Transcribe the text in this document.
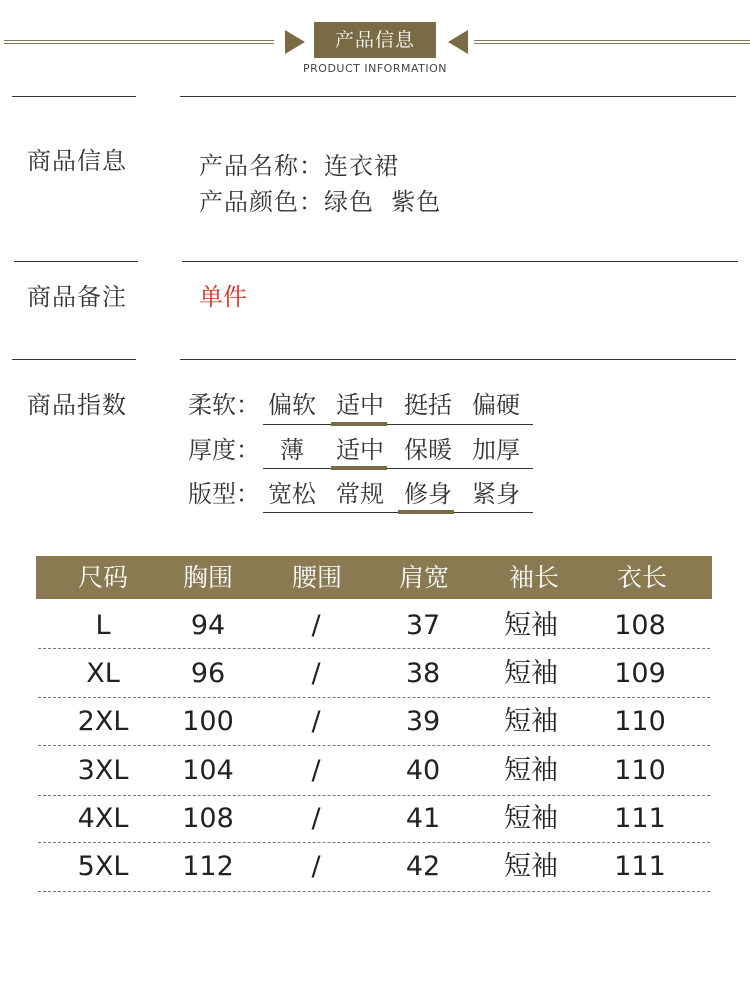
产品信息
PRODUCT INFORMATION
商品信息	产品名称：连衣裙
产品颜色：绿色  紫色
商品备注	单件
商品指数	柔软： 偏软 适中 挺括 偏硬
厚度： 薄	适中 保暖 加厚
版型： 宽松 常规 修身 紧身
尺码	胸围	腰围	肩宽	袖长	衣长
L	94	/	37	短袖	108
XL	96	/	38	短袖	109
2XL	100	/	39	短袖	110
3XL	104	/	40	短袖	110
4XL	108	/	41	短袖	111
5XL	112	/	42	短袖	111
